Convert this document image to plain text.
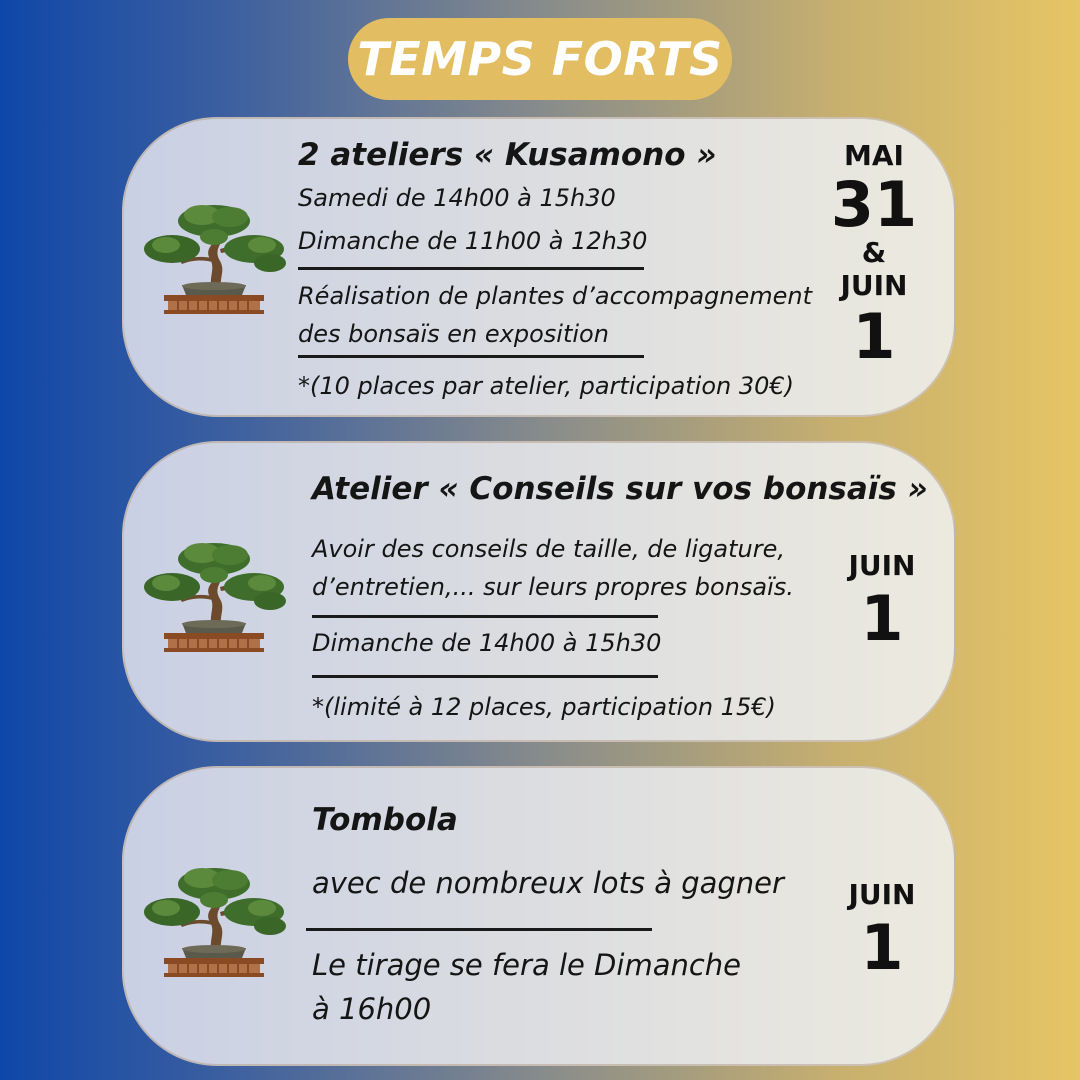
TEMPS FORTS
2 ateliers « Kusamono »
Samedi de 14h00 à 15h30
Dimanche de 11h00 à 12h30
Réalisation de plantes d’accompagnement
des bonsaïs en exposition
*(10 places par atelier, participation 30€)
MAI
31
&
JUIN
1
Atelier « Conseils sur vos bonsaïs »
Avoir des conseils de taille, de ligature,
d’entretien,... sur leurs propres bonsaïs.
Dimanche de 14h00 à 15h30
*(limité à 12 places, participation 15€)
JUIN
1
Tombola
avec de nombreux lots à gagner
Le tirage se fera le Dimanche
à 16h00
JUIN
1
